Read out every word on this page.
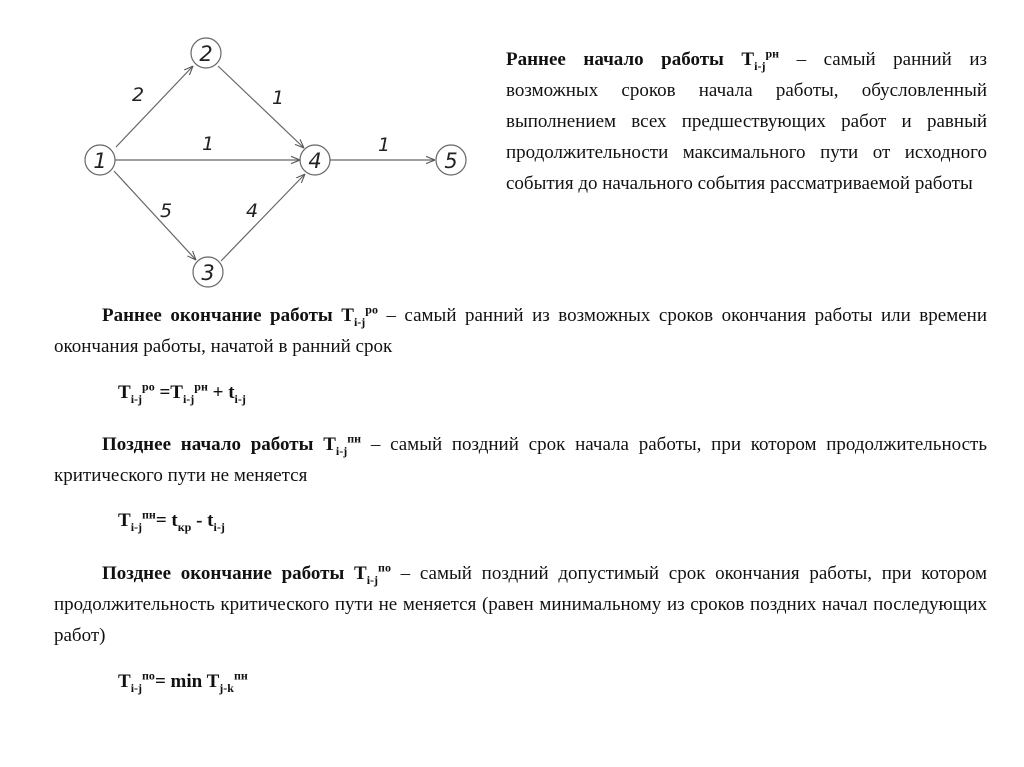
1
2
3
4	5
2	1
1
5	4
1

Раннее начало работы $T_{i-j}^{рн}$ – самый ранний из возможных сроков начала работы, обусловленный выполнением всех предшествующих работ и равный продолжительности максимального пути от исходного события до начального события рассматриваемой работы

Раннее окончание работы $T_{i-j}^{ро}$ – самый ранний из возможных сроков окончания работы или времени окончания работы, начатой в ранний срок

$T_{i-j}^{ро} =T_{i-j}^{рн} + t_{i-j}$

Позднее начало работы $T_{i-j}^{пн}$ – самый поздний срок начала работы, при котором продолжительность критического пути не меняется

$T_{i-j}^{пн}= t_{кр} - t_{i-j}$

Позднее окончание работы $T_{i-j}^{по}$ – самый поздний допустимый срок окончания работы, при котором продолжительность критического пути не меняется (равен минимальному из сроков поздних начал последующих работ)

$T_{i-j}^{по}= \min T_{j-k}^{пн}$
